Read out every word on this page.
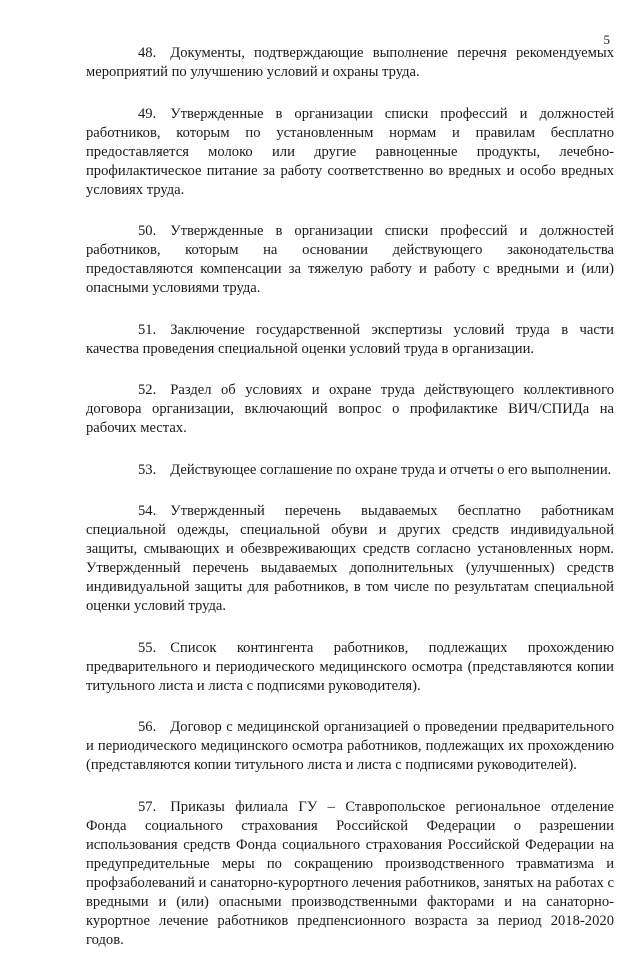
5

48. Документы, подтверждающие выполнение перечня рекомендуемых мероприятий по улучшению условий и охраны труда.

49. Утвержденные в организации списки профессий и должностей работников, которым по установленным нормам и правилам бесплатно предоставляется молоко или другие равноценные продукты, лечебно-профилактическое питание за работу соответственно во вредных и особо вредных условиях труда.

50. Утвержденные в организации списки профессий и должностей работников, которым на основании действующего законодательства предоставляются компенсации за тяжелую работу и работу с вредными и (или) опасными условиями труда.

51. Заключение государственной экспертизы условий труда в части качества проведения специальной оценки условий труда в организации.

52. Раздел об условиях и охране труда действующего коллективного договора организации, включающий вопрос о профилактике ВИЧ/СПИДа на рабочих местах.

53. Действующее соглашение по охране труда и отчеты о его выполнении.

54. Утвержденный перечень выдаваемых бесплатно работникам специальной одежды, специальной обуви и других средств индивидуальной защиты, смывающих и обезвреживающих средств согласно установленных норм. Утвержденный перечень выдаваемых дополнительных (улучшенных) средств индивидуальной защиты для работников, в том числе по результатам специальной оценки условий труда.

55. Список контингента работников, подлежащих прохождению предварительного и периодического медицинского осмотра (представляются копии титульного листа и листа с подписями руководителя).

56. Договор с медицинской организацией о проведении предварительного и периодического медицинского осмотра работников, подлежащих их прохождению (представляются копии титульного листа и листа с подписями руководителей).

57. Приказы филиала ГУ – Ставропольское региональное отделение Фонда социального страхования Российской Федерации о разрешении использования средств Фонда социального страхования Российской Федерации на предупредительные меры по сокращению производственного травматизма и профзаболеваний и санаторно-курортного лечения работников, занятых на работах с вредными и (или) опасными производственными факторами и на санаторно-курортное лечение работников предпенсионного возраста за период 2018-2020 годов.
